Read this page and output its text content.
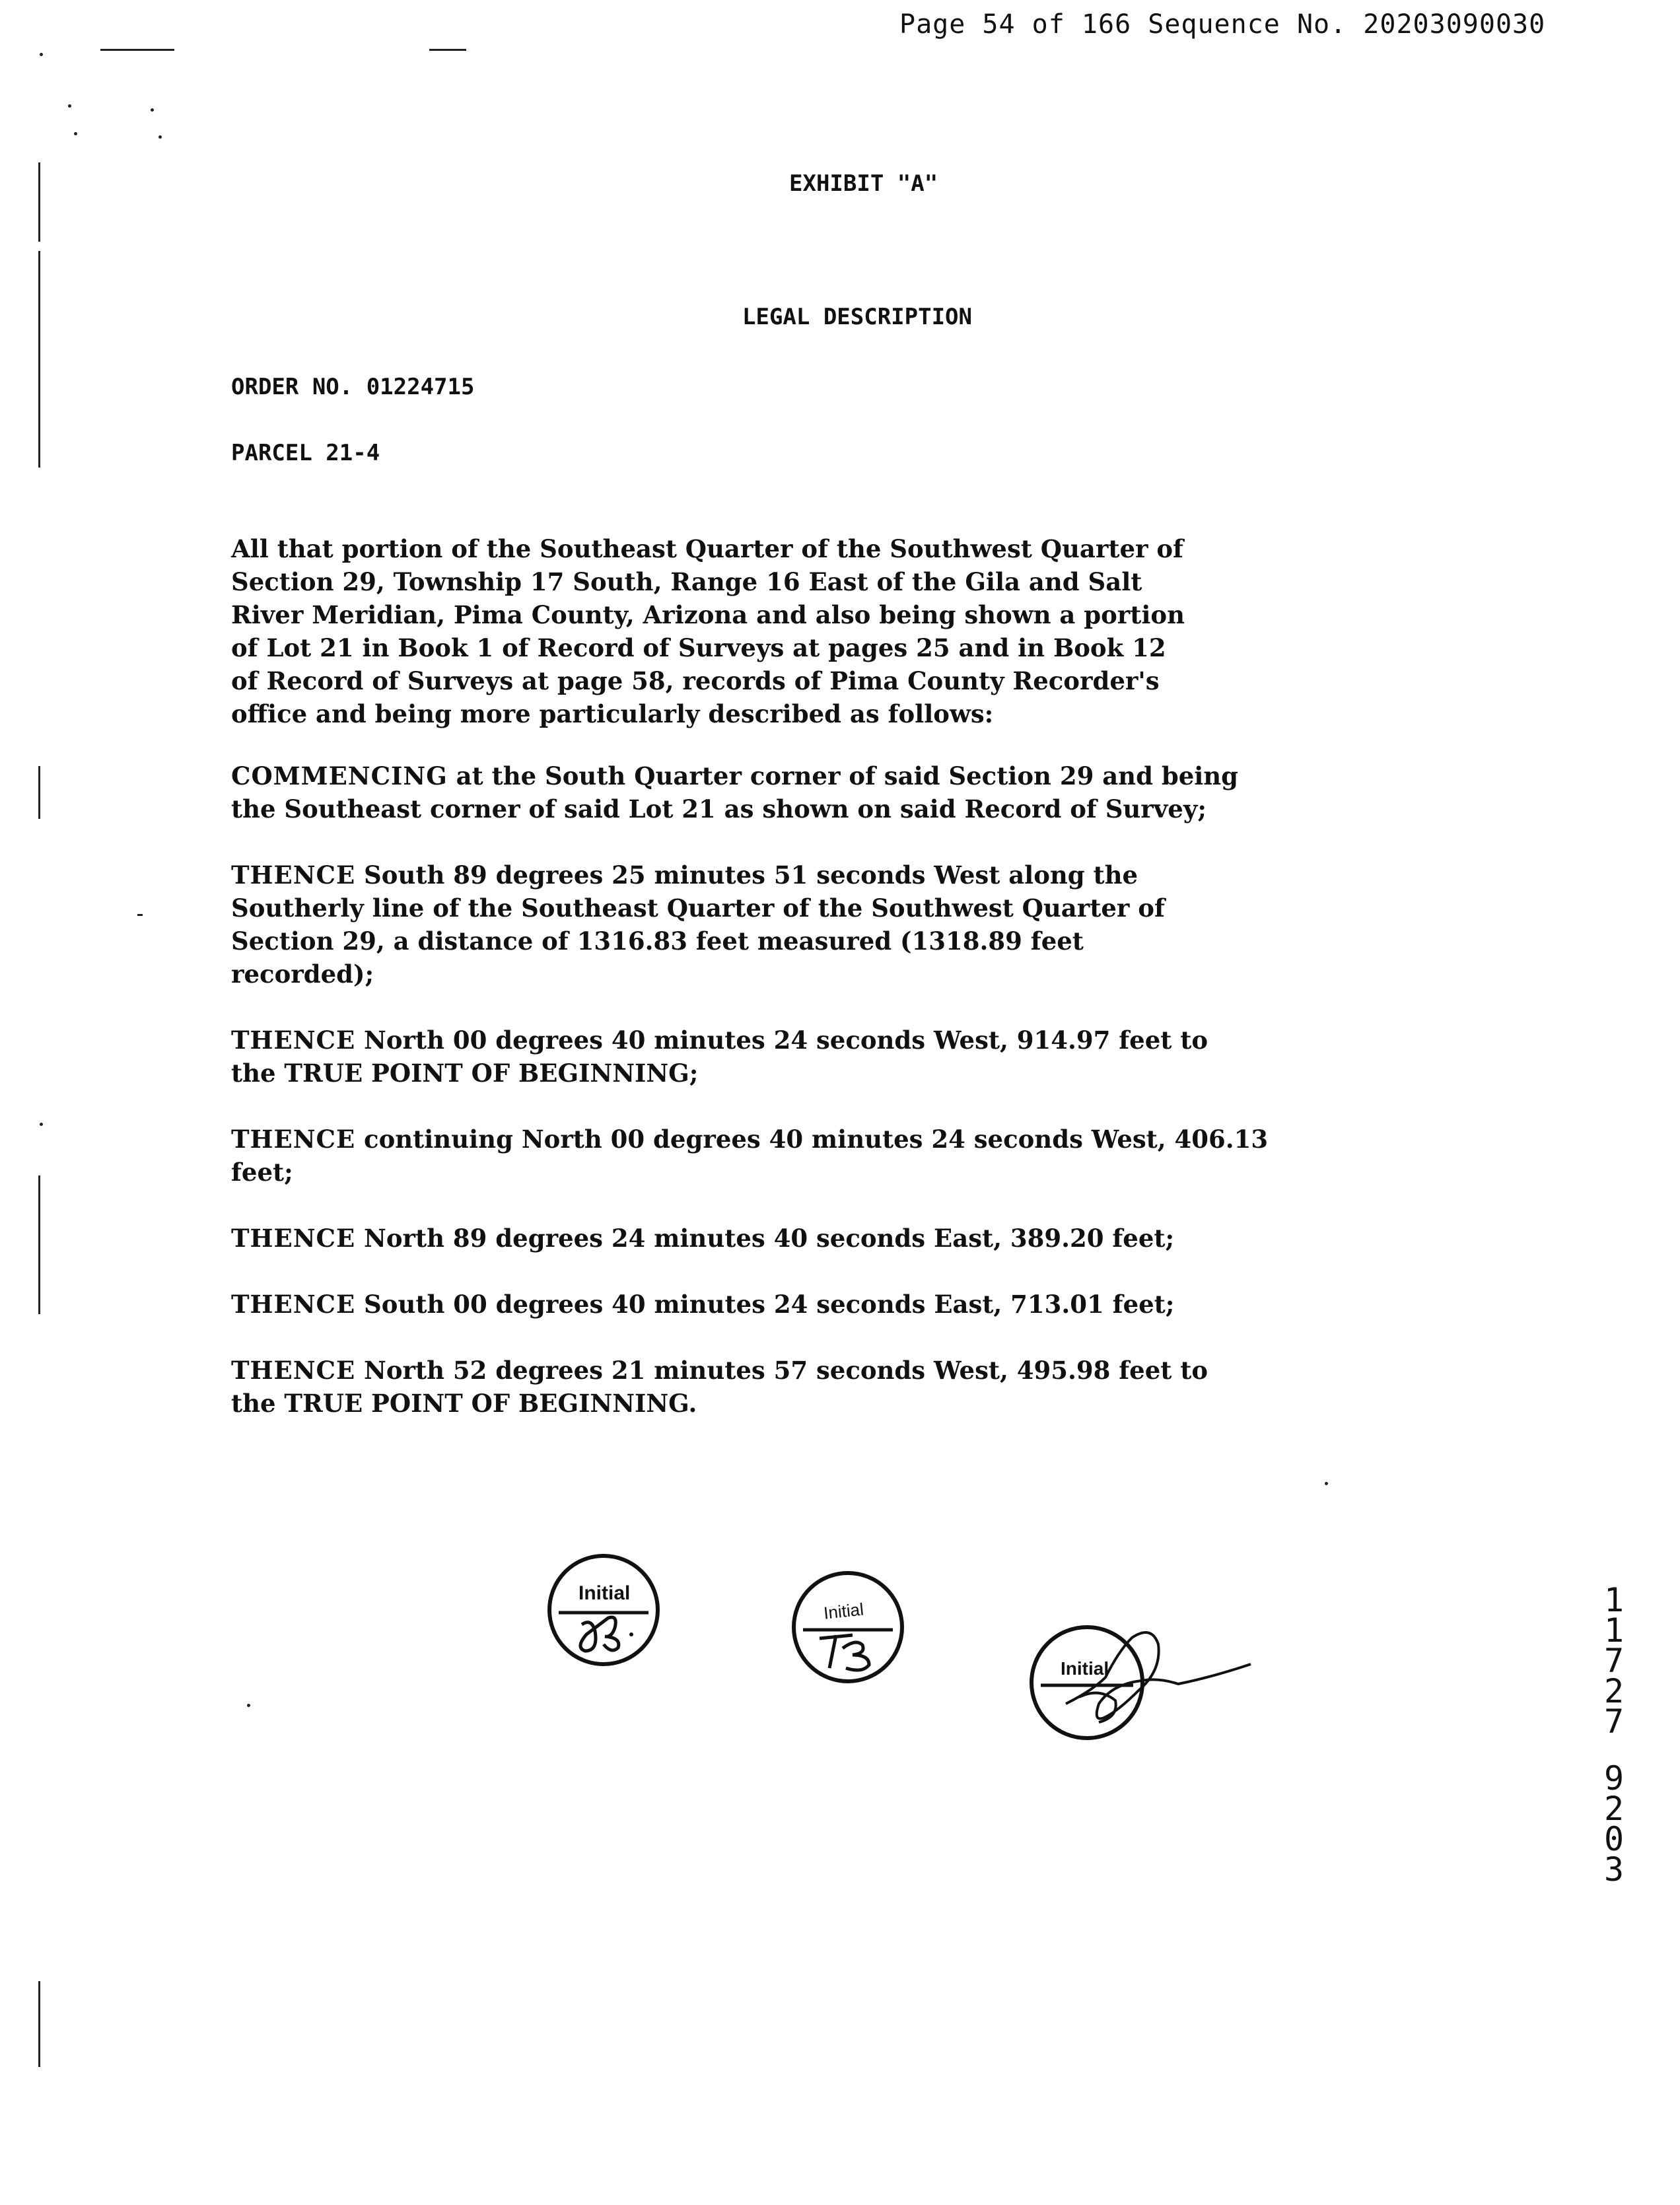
Page 54 of 166 Sequence No. 20203090030
EXHIBIT "A"
LEGAL DESCRIPTION
ORDER NO. 01224715
PARCEL 21-4
All that portion of the Southeast Quarter of the Southwest Quarter of
Section 29, Township 17 South, Range 16 East of the Gila and Salt
River Meridian, Pima County, Arizona and also being shown a portion
of Lot 21 in Book 1 of Record of Surveys at pages 25 and in Book 12
of Record of Surveys at page 58, records of Pima County Recorder's
office and being more particularly described as follows:
COMMENCING at the South Quarter corner of said Section 29 and being
the Southeast corner of said Lot 21 as shown on said Record of Survey;
THENCE South 89 degrees 25 minutes 51 seconds West along the
Southerly line of the Southeast Quarter of the Southwest Quarter of
Section 29, a distance of 1316.83 feet measured (1318.89 feet
recorded);
THENCE North 00 degrees 40 minutes 24 seconds West, 914.97 feet to
the TRUE POINT OF BEGINNING;
THENCE continuing North 00 degrees 40 minutes 24 seconds West, 406.13
feet;
THENCE North 89 degrees 24 minutes 40 seconds East, 389.20 feet;
THENCE South 00 degrees 40 minutes 24 seconds East, 713.01 feet;
THENCE North 52 degrees 21 minutes 57 seconds West, 495.98 feet to
the TRUE POINT OF BEGINNING.
Initial
Initial
Initial
11727
9203
